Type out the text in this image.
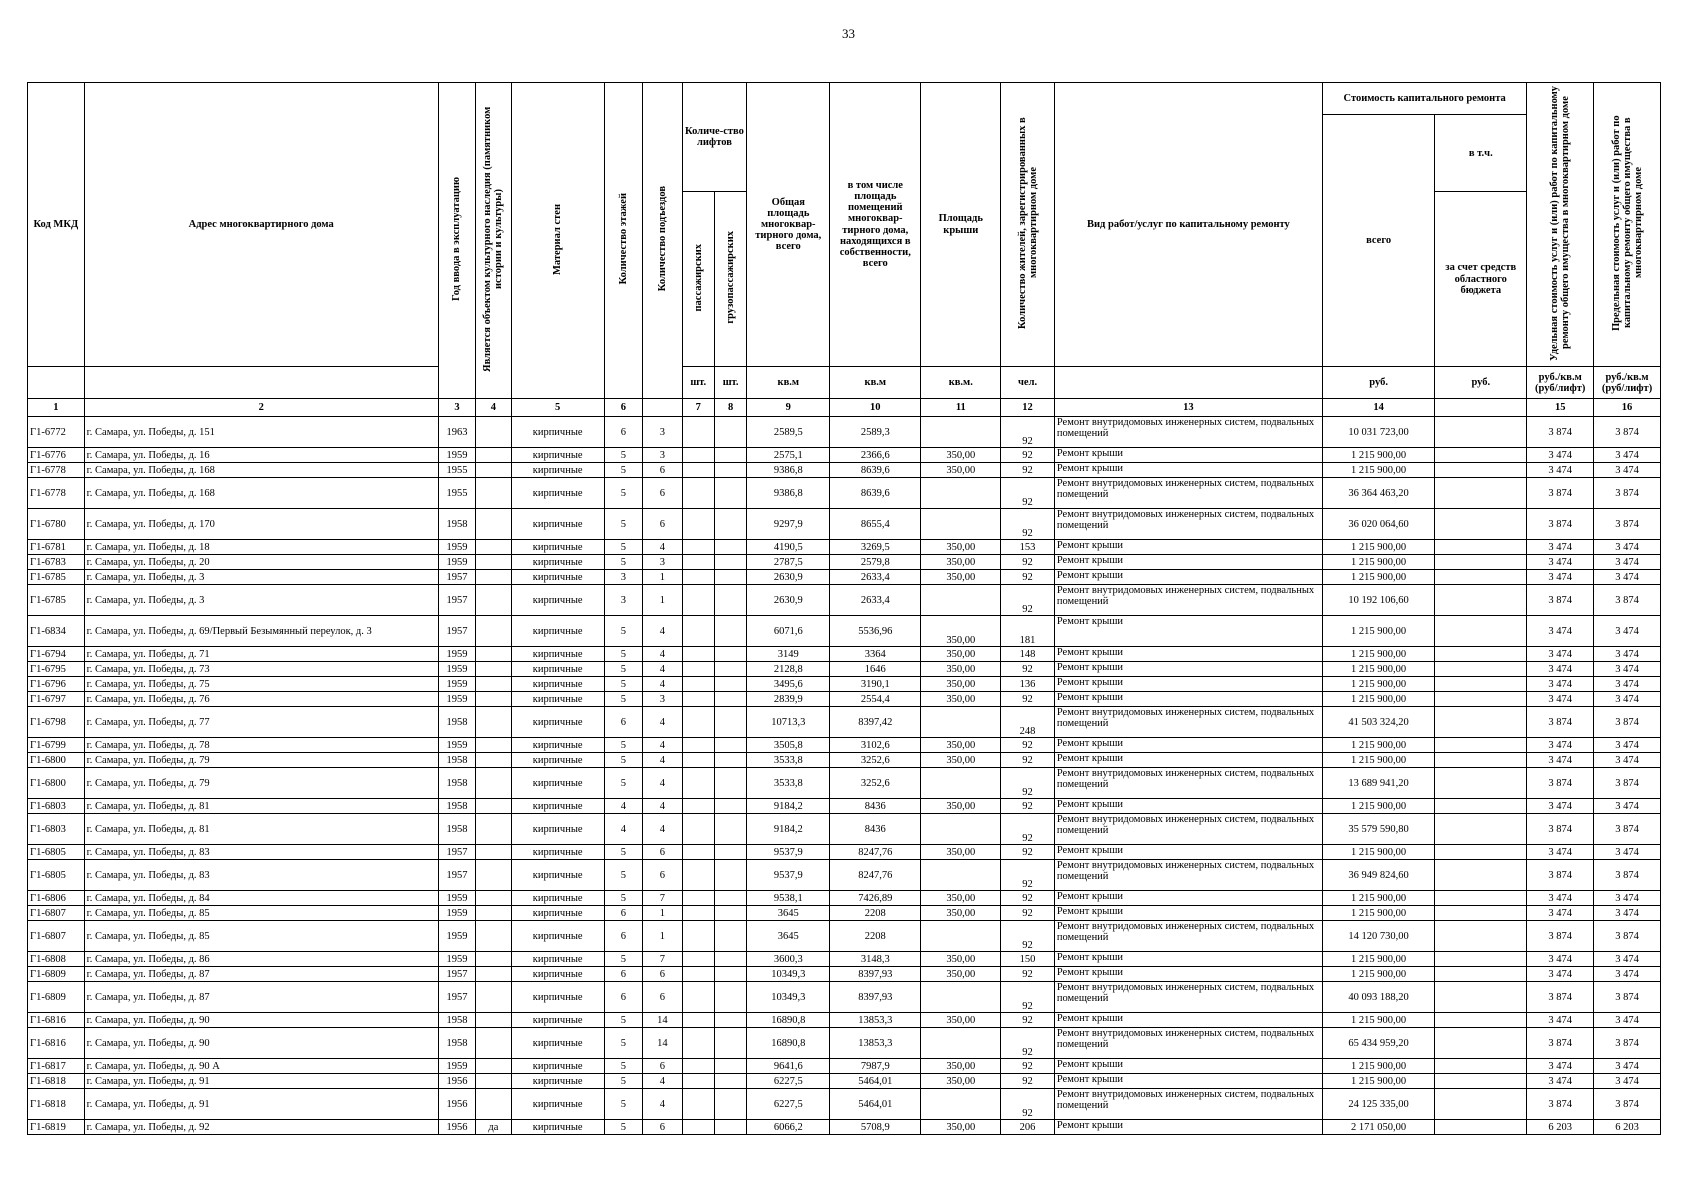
33
Код МКД	Адрес многоквартирного дома	Год ввода в эксплуатацию	Является объектом культурного наследия (памятником истории и культуры)	Материал стен	Количество этажей	Количество подъездов	Количе-ство лифтов		Общая площадь многоквар-тирного дома, всего	в том числе площадь помещений многоквар-тирного дома, находящихся в собственности, всего	Площадь крыши	Количество жителей, зарегистрированных в многоквартирном доме	Вид работ/услуг по капитальному ремонту	Стоимость капитального ремонта		Удельная стоимость услуг и (или) работ по капитальному ремонту общего имущества в многоквартирном доме	Предельная стоимость услуг и (или) работ по капитальному ремонту общего имущества в многоквартирном доме
														всего	в т.ч.		
							пассажирских	грузопассажирских							за счет средств областного бюджета		
							шт.	шт.	кв.м	кв.м	кв.м.	чел.		руб.	руб.	руб./кв.м (руб/лифт)	руб./кв.м (руб/лифт)
1	2	3	4	5	6		7	8	9	10	11	12	13	14		15	16
Г1-6772	г. Самара, ул. Победы, д. 151	1963		кирпичные	6	3			2589,5	2589,3		92	Ремонт внутридомовых инженерных систем, подвальных помещений	10 031 723,00		3 874	3 874
Г1-6776	г. Самара, ул. Победы, д. 16	1959		кирпичные	5	3			2575,1	2366,6	350,00	92	Ремонт крыши	1 215 900,00		3 474	3 474
Г1-6778	г. Самара, ул. Победы, д. 168	1955		кирпичные	5	6			9386,8	8639,6	350,00	92	Ремонт крыши	1 215 900,00		3 474	3 474
Г1-6778	г. Самара, ул. Победы, д. 168	1955		кирпичные	5	6			9386,8	8639,6		92	Ремонт внутридомовых инженерных систем, подвальных помещений	36 364 463,20		3 874	3 874
Г1-6780	г. Самара, ул. Победы, д. 170	1958		кирпичные	5	6			9297,9	8655,4		92	Ремонт внутридомовых инженерных систем, подвальных помещений	36 020 064,60		3 874	3 874
Г1-6781	г. Самара, ул. Победы, д. 18	1959		кирпичные	5	4			4190,5	3269,5	350,00	153	Ремонт крыши	1 215 900,00		3 474	3 474
Г1-6783	г. Самара, ул. Победы, д. 20	1959		кирпичные	5	3			2787,5	2579,8	350,00	92	Ремонт крыши	1 215 900,00		3 474	3 474
Г1-6785	г. Самара, ул. Победы, д. 3	1957		кирпичные	3	1			2630,9	2633,4	350,00	92	Ремонт крыши	1 215 900,00		3 474	3 474
Г1-6785	г. Самара, ул. Победы, д. 3	1957		кирпичные	3	1			2630,9	2633,4		92	Ремонт внутридомовых инженерных систем, подвальных помещений	10 192 106,60		3 874	3 874
Г1-6834	г. Самара, ул. Победы, д. 69/Первый Безымянный переулок, д. 3	1957		кирпичные	5	4			6071,6	5536,96	350,00	181	Ремонт крыши	1 215 900,00		3 474	3 474
Г1-6794	г. Самара, ул. Победы, д. 71	1959		кирпичные	5	4			3149	3364	350,00	148	Ремонт крыши	1 215 900,00		3 474	3 474
Г1-6795	г. Самара, ул. Победы, д. 73	1959		кирпичные	5	4			2128,8	1646	350,00	92	Ремонт крыши	1 215 900,00		3 474	3 474
Г1-6796	г. Самара, ул. Победы, д. 75	1959		кирпичные	5	4			3495,6	3190,1	350,00	136	Ремонт крыши	1 215 900,00		3 474	3 474
Г1-6797	г. Самара, ул. Победы, д. 76	1959		кирпичные	5	3			2839,9	2554,4	350,00	92	Ремонт крыши	1 215 900,00		3 474	3 474
Г1-6798	г. Самара, ул. Победы, д. 77	1958		кирпичные	6	4			10713,3	8397,42		248	Ремонт внутридомовых инженерных систем, подвальных помещений	41 503 324,20		3 874	3 874
Г1-6799	г. Самара, ул. Победы, д. 78	1959		кирпичные	5	4			3505,8	3102,6	350,00	92	Ремонт крыши	1 215 900,00		3 474	3 474
Г1-6800	г. Самара, ул. Победы, д. 79	1958		кирпичные	5	4			3533,8	3252,6	350,00	92	Ремонт крыши	1 215 900,00		3 474	3 474
Г1-6800	г. Самара, ул. Победы, д. 79	1958		кирпичные	5	4			3533,8	3252,6		92	Ремонт внутридомовых инженерных систем, подвальных помещений	13 689 941,20		3 874	3 874
Г1-6803	г. Самара, ул. Победы, д. 81	1958		кирпичные	4	4			9184,2	8436	350,00	92	Ремонт крыши	1 215 900,00		3 474	3 474
Г1-6803	г. Самара, ул. Победы, д. 81	1958		кирпичные	4	4			9184,2	8436		92	Ремонт внутридомовых инженерных систем, подвальных помещений	35 579 590,80		3 874	3 874
Г1-6805	г. Самара, ул. Победы, д. 83	1957		кирпичные	5	6			9537,9	8247,76	350,00	92	Ремонт крыши	1 215 900,00		3 474	3 474
Г1-6805	г. Самара, ул. Победы, д. 83	1957		кирпичные	5	6			9537,9	8247,76		92	Ремонт внутридомовых инженерных систем, подвальных помещений	36 949 824,60		3 874	3 874
Г1-6806	г. Самара, ул. Победы, д. 84	1959		кирпичные	5	7			9538,1	7426,89	350,00	92	Ремонт крыши	1 215 900,00		3 474	3 474
Г1-6807	г. Самара, ул. Победы, д. 85	1959		кирпичные	6	1			3645	2208	350,00	92	Ремонт крыши	1 215 900,00		3 474	3 474
Г1-6807	г. Самара, ул. Победы, д. 85	1959		кирпичные	6	1			3645	2208		92	Ремонт внутридомовых инженерных систем, подвальных помещений	14 120 730,00		3 874	3 874
Г1-6808	г. Самара, ул. Победы, д. 86	1959		кирпичные	5	7			3600,3	3148,3	350,00	150	Ремонт крыши	1 215 900,00		3 474	3 474
Г1-6809	г. Самара, ул. Победы, д. 87	1957		кирпичные	6	6			10349,3	8397,93	350,00	92	Ремонт крыши	1 215 900,00		3 474	3 474
Г1-6809	г. Самара, ул. Победы, д. 87	1957		кирпичные	6	6			10349,3	8397,93		92	Ремонт внутридомовых инженерных систем, подвальных помещений	40 093 188,20		3 874	3 874
Г1-6816	г. Самара, ул. Победы, д. 90	1958		кирпичные	5	14			16890,8	13853,3	350,00	92	Ремонт крыши	1 215 900,00		3 474	3 474
Г1-6816	г. Самара, ул. Победы, д. 90	1958		кирпичные	5	14			16890,8	13853,3		92	Ремонт внутридомовых инженерных систем, подвальных помещений	65 434 959,20		3 874	3 874
Г1-6817	г. Самара, ул. Победы, д. 90 А	1959		кирпичные	5	6			9641,6	7987,9	350,00	92	Ремонт крыши	1 215 900,00		3 474	3 474
Г1-6818	г. Самара, ул. Победы, д. 91	1956		кирпичные	5	4			6227,5	5464,01	350,00	92	Ремонт крыши	1 215 900,00		3 474	3 474
Г1-6818	г. Самара, ул. Победы, д. 91	1956		кирпичные	5	4			6227,5	5464,01		92	Ремонт внутридомовых инженерных систем, подвальных помещений	24 125 335,00		3 874	3 874
Г1-6819	г. Самара, ул. Победы, д. 92	1956	да	кирпичные	5	6			6066,2	5708,9	350,00	206	Ремонт крыши	2 171 050,00		6 203	6 203
